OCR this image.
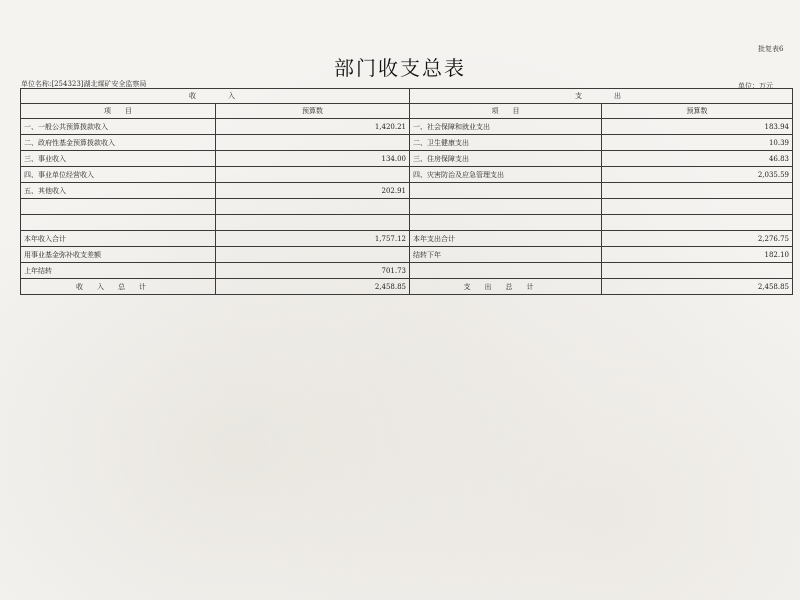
批复表6
部门收支总表
单位名称:[254323]湖北煤矿安全监察局	单位：万元
收　　入		支　　出	
项　　目	预算数	项　　目	预算数
一、一般公共预算拨款收入	1,420.21	一、社会保障和就业支出	183.94
二、政府性基金预算拨款收入		二、卫生健康支出	10.39
三、事业收入	134.00	三、住房保障支出	46.83
四、事业单位经营收入		四、灾害防治及应急管理支出	2,035.59
五、其他收入	202.91		

本年收入合计	1,757.12	本年支出合计	2,276.75
用事业基金弥补收支差额		结转下年	182.10
上年结转	701.73		
收入总计	2,458.85	支出总计	2,458.85
